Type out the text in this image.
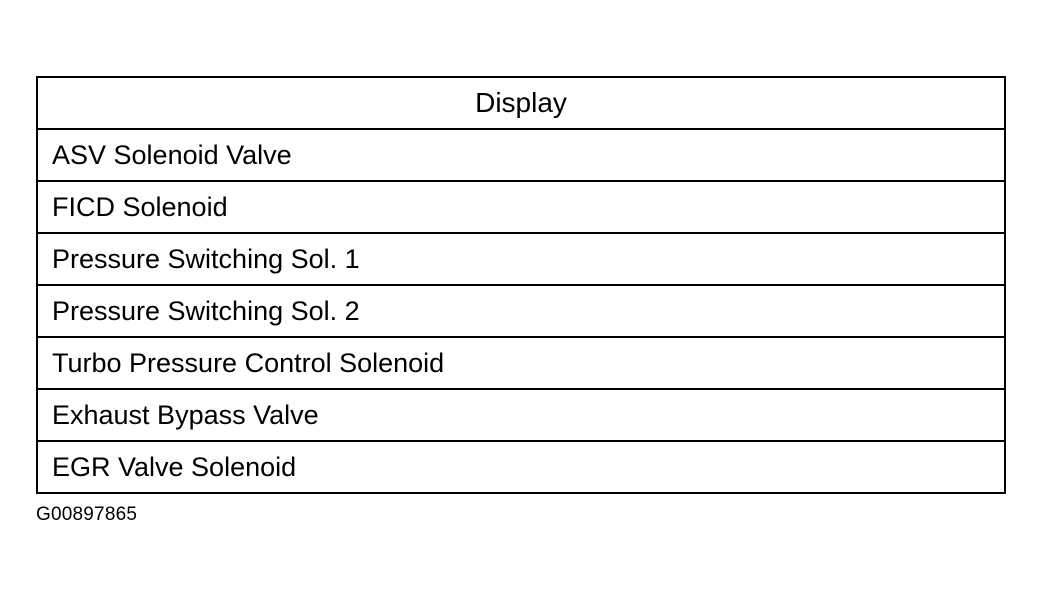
Display
ASV Solenoid Valve
FICD Solenoid
Pressure Switching Sol. 1
Pressure Switching Sol. 2
Turbo Pressure Control Solenoid
Exhaust Bypass Valve
EGR Valve Solenoid
G00897865
